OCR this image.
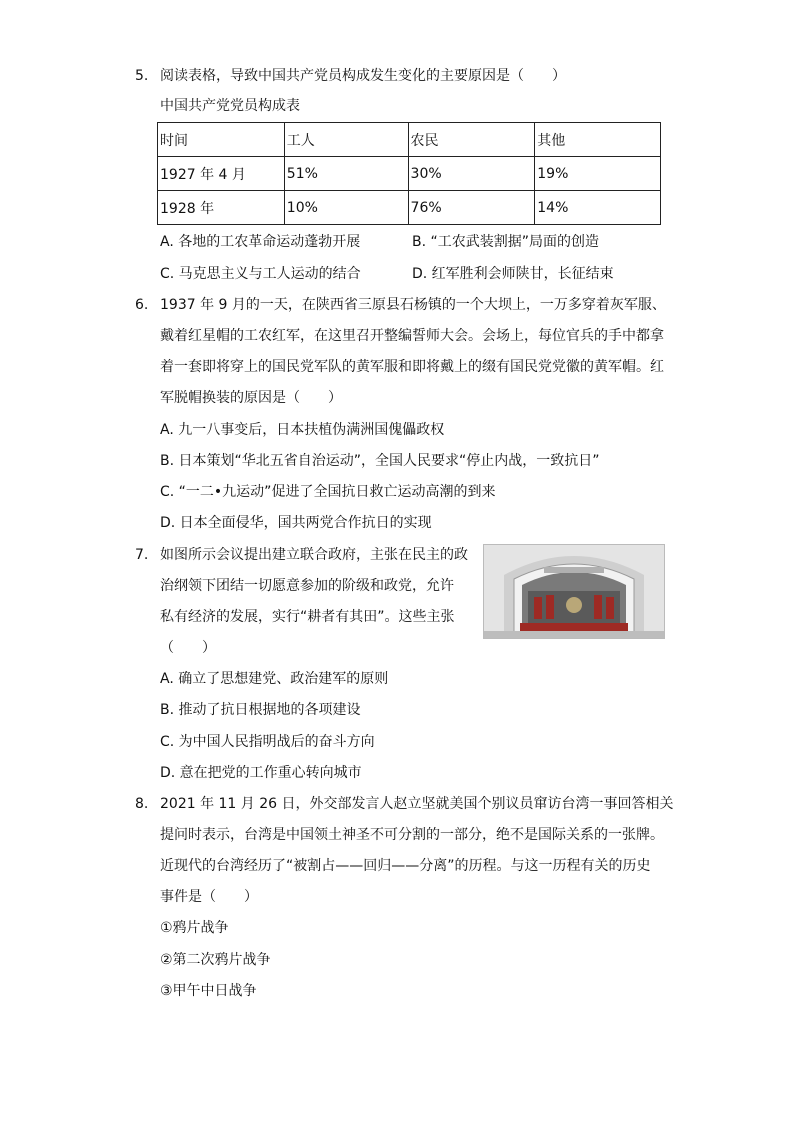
5. 阅读表格，导致中国共产党员构成发生变化的主要原因是（　　）
中国共产党党员构成表
时间	工人	农民	其他
1927 年 4 月	51%	30%	19%
1928 年	10%	76%	14%
A. 各地的工农革命运动蓬勃开展	B. “工农武装割据”局面的创造
C. 马克思主义与工人运动的结合	D. 红军胜利会师陕甘，长征结束
6. 1937 年 9 月的一天，在陕西省三原县石杨镇的一个大坝上，一万多穿着灰军服、
戴着红星帽的工农红军，在这里召开整编誓师大会。会场上，每位官兵的手中都拿
着一套即将穿上的国民党军队的黄军服和即将戴上的缀有国民党党徽的黄军帽。红
军脱帽换装的原因是（　　）
A. 九一八事变后，日本扶植伪满洲国傀儡政权
B. 日本策划“华北五省自治运动”，全国人民要求“停止内战，一致抗日”
C. “一二•九运动”促进了全国抗日救亡运动高潮的到来
D. 日本全面侵华，国共两党合作抗日的实现
7. 如图所示会议提出建立联合政府，主张在民主的政
治纲领下团结一切愿意参加的阶级和政党，允许
私有经济的发展，实行“耕者有其田”。这些主张
（　　）
A. 确立了思想建党、政治建军的原则
B. 推动了抗日根据地的各项建设
C. 为中国人民指明战后的奋斗方向
D. 意在把党的工作重心转向城市
8. 2021 年 11 月 26 日，外交部发言人赵立坚就美国个别议员窜访台湾一事回答相关
提问时表示，台湾是中国领土神圣不可分割的一部分，绝不是国际关系的一张牌。
近现代的台湾经历了“被割占——回归——分离”的历程。与这一历程有关的历史
事件是（　　）
①鸦片战争
②第二次鸦片战争
③甲午中日战争
